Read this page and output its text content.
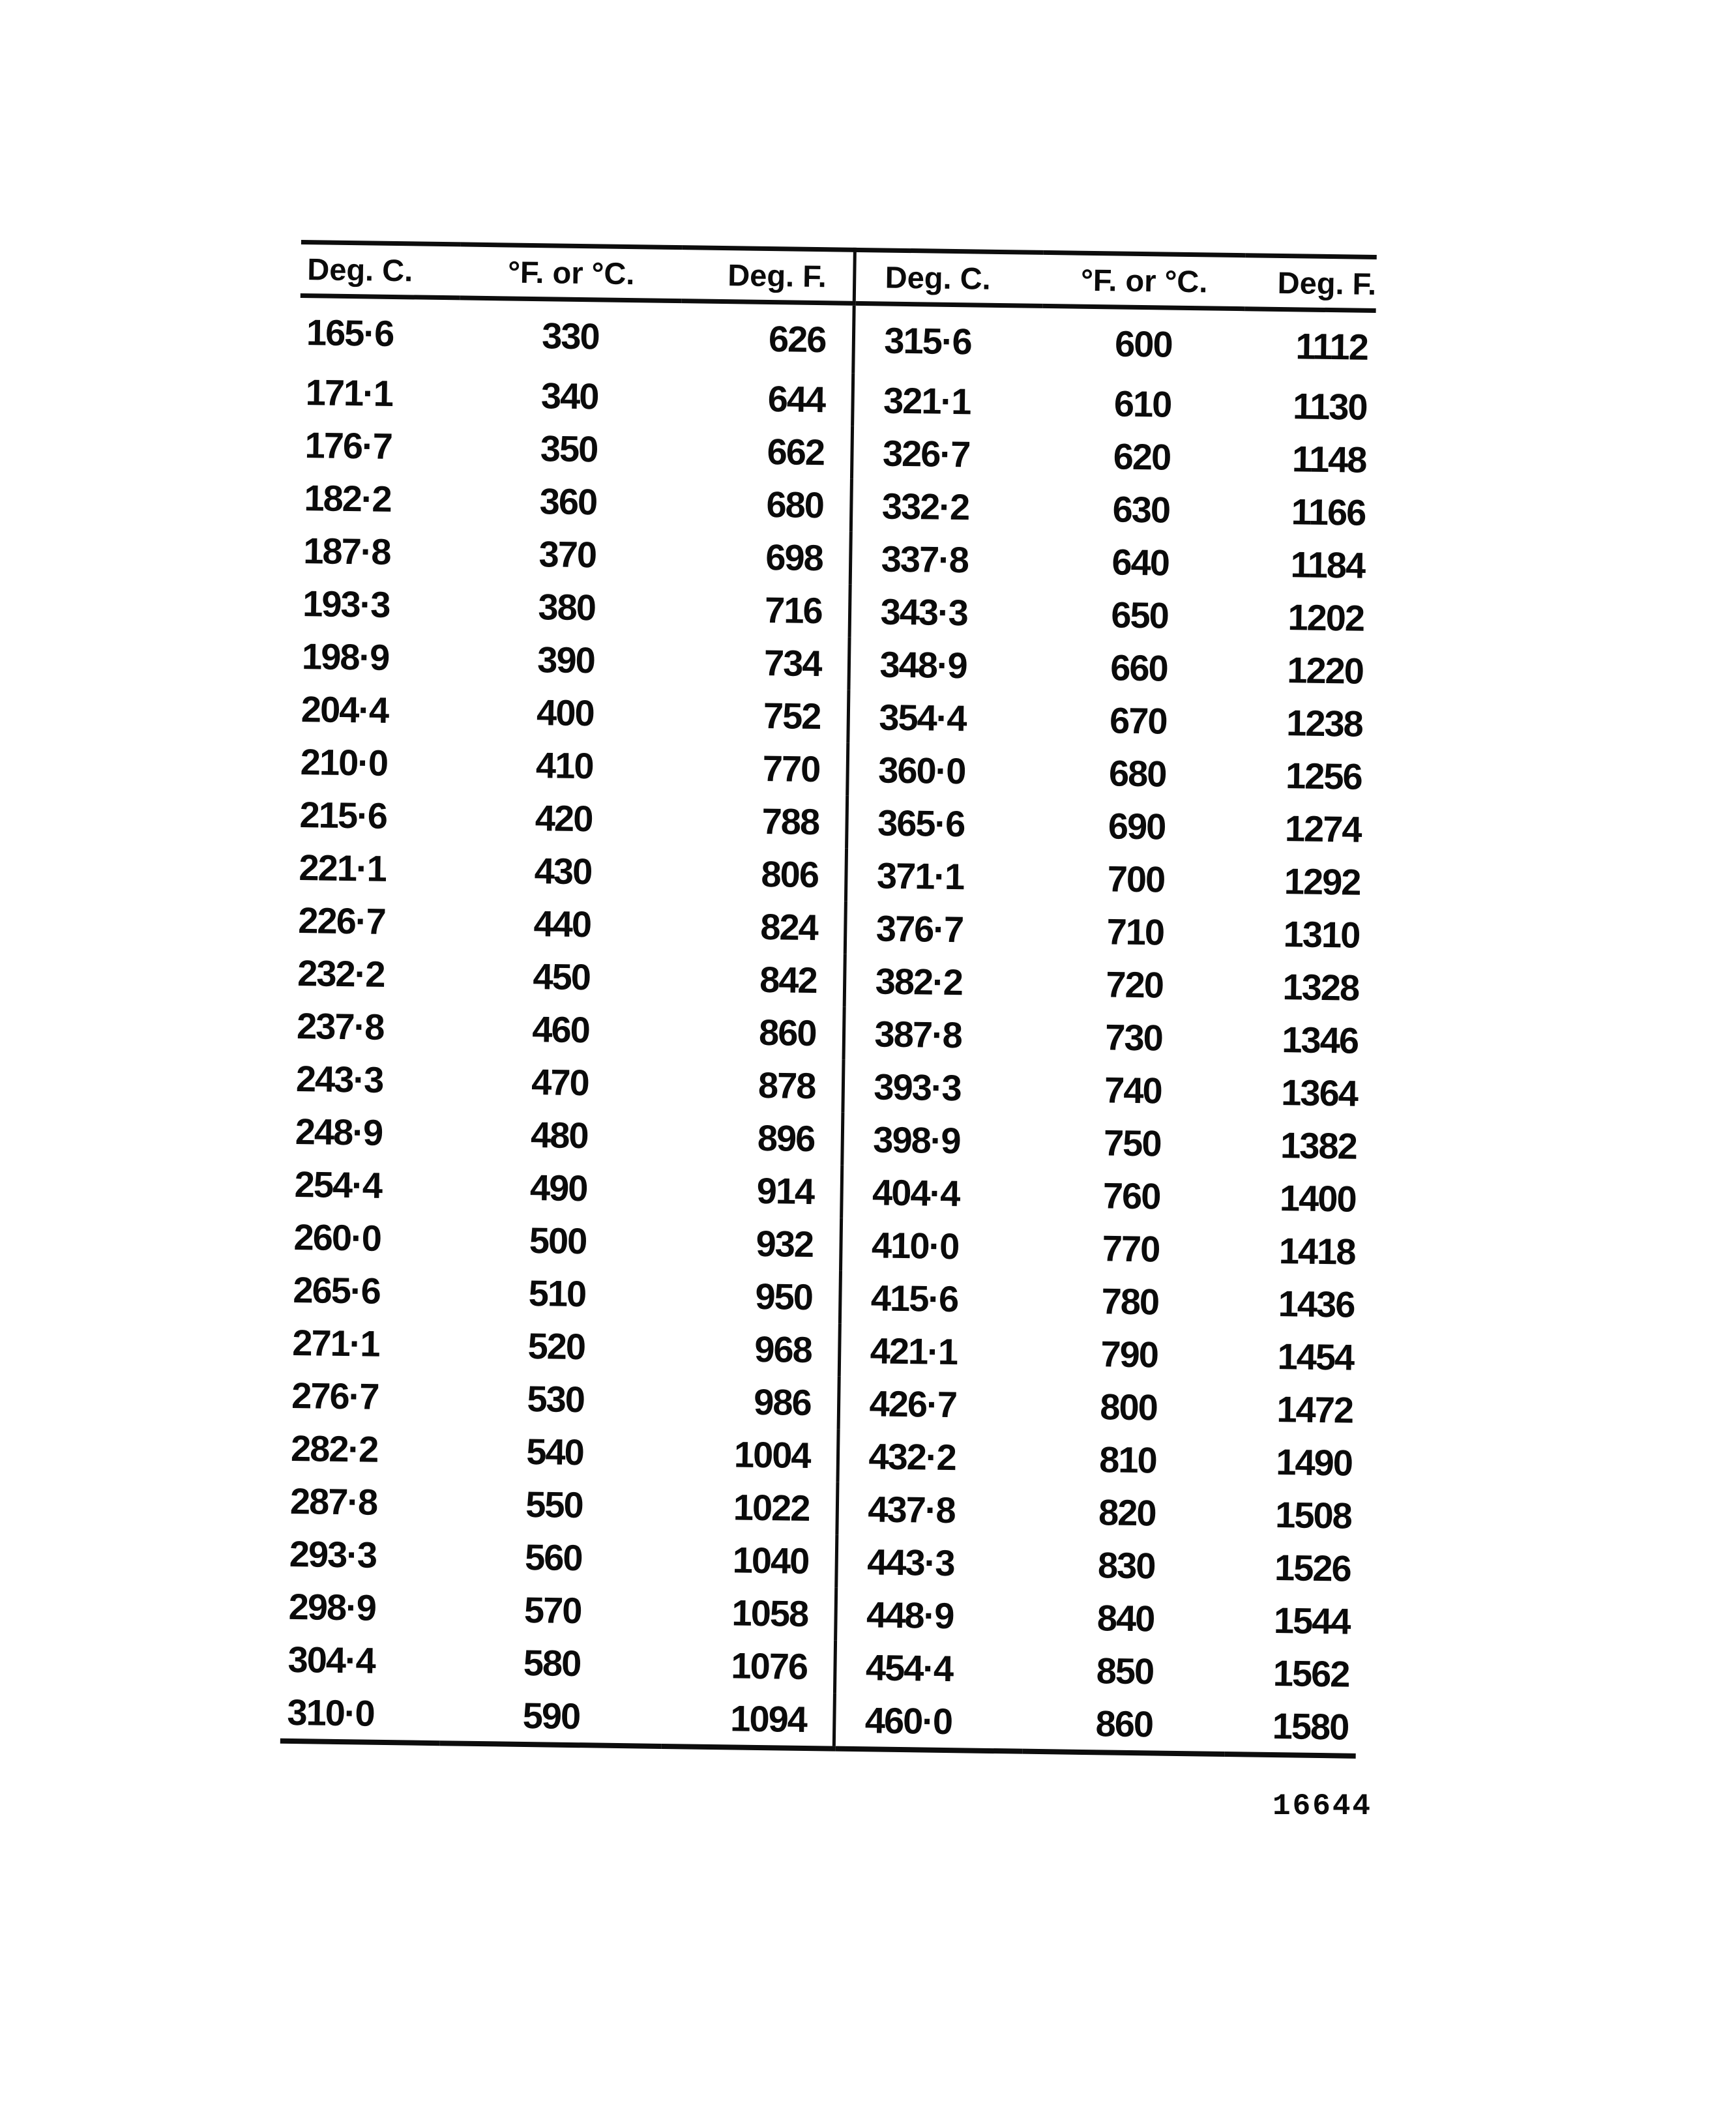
Deg. C.	°F. or °C.	Deg. F.	Deg. C.	°F. or °C.	Deg. F.
165·6	330	626	315·6	600	1112
171·1	340	644	321·1	610	1130
176·7	350	662	326·7	620	1148
182·2	360	680	332·2	630	1166
187·8	370	698	337·8	640	1184
193·3	380	716	343·3	650	1202
198·9	390	734	348·9	660	1220
204·4	400	752	354·4	670	1238
210·0	410	770	360·0	680	1256
215·6	420	788	365·6	690	1274
221·1	430	806	371·1	700	1292
226·7	440	824	376·7	710	1310
232·2	450	842	382·2	720	1328
237·8	460	860	387·8	730	1346
243·3	470	878	393·3	740	1364
248·9	480	896	398·9	750	1382
254·4	490	914	404·4	760	1400
260·0	500	932	410·0	770	1418
265·6	510	950	415·6	780	1436
271·1	520	968	421·1	790	1454
276·7	530	986	426·7	800	1472
282·2	540	1004	432·2	810	1490
287·8	550	1022	437·8	820	1508
293·3	560	1040	443·3	830	1526
298·9	570	1058	448·9	840	1544
304·4	580	1076	454·4	850	1562
310·0	590	1094	460·0	860	1580
16644
